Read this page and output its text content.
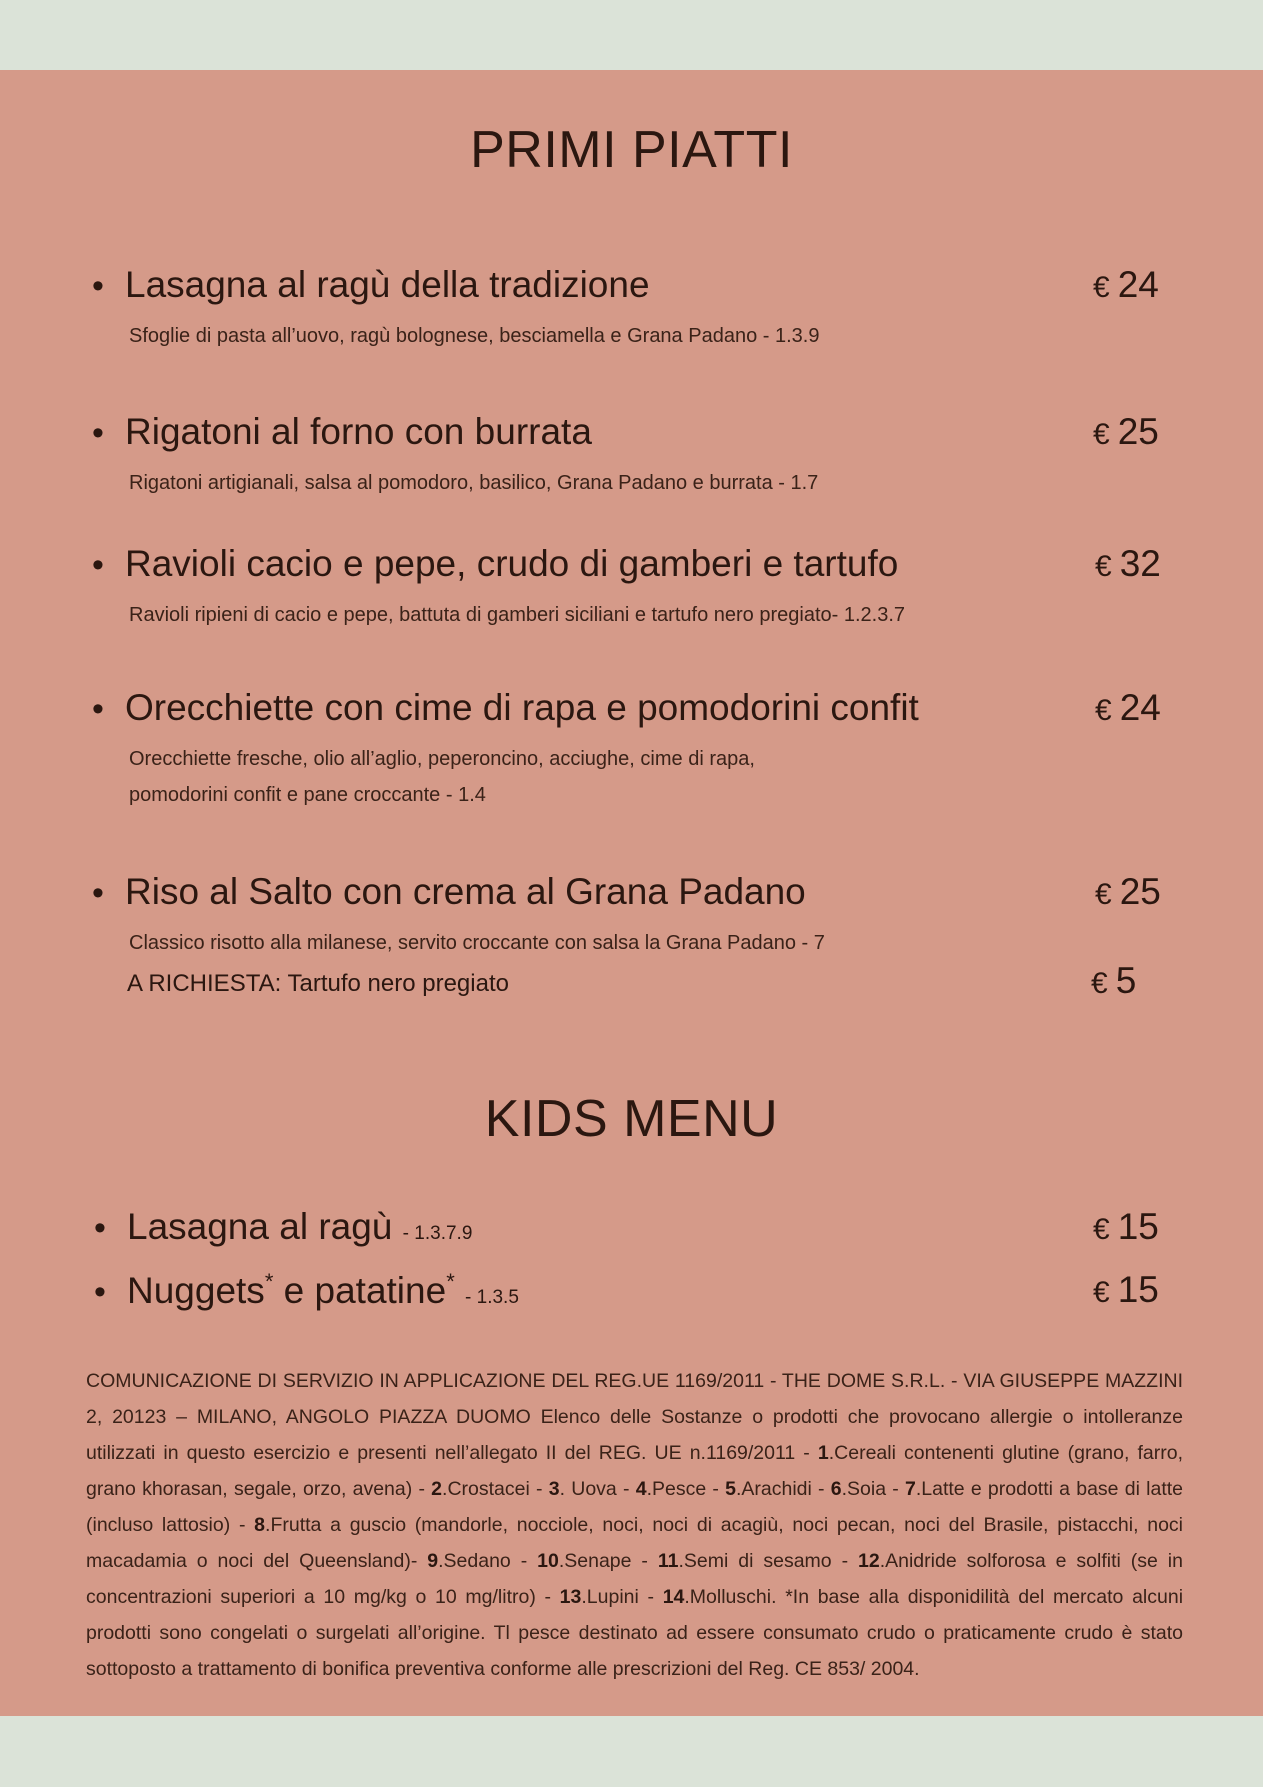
PRIMI PIATTI
• Lasagna al ragù della tradizione
Sfoglie di pasta all’uovo, ragù bolognese, besciamella e Grana Padano - 1.3.9
€ 24
• Rigatoni al forno con burrata
Rigatoni artigianali, salsa al pomodoro, basilico, Grana Padano e burrata - 1.7
€ 25
• Ravioli cacio e pepe, crudo di gamberi e tartufo
Ravioli ripieni di cacio e pepe, battuta di gamberi siciliani e tartufo nero pregiato- 1.2.3.7
€ 32
• Orecchiette con cime di rapa e pomodorini confit
Orecchiette fresche, olio all’aglio, peperoncino, acciughe, cime di rapa,
pomodorini confit e pane croccante - 1.4
€ 24
• Riso al Salto con crema al Grana Padano
Classico risotto alla milanese, servito croccante con salsa la Grana Padano - 7
€ 25
A RICHIESTA: Tartufo nero pregiato	€ 5
KIDS MENU
• Lasagna al ragù - 1.3.7.9	€ 15
• Nuggets* e patatine* - 1.3.5	€ 15
COMUNICAZIONE DI SERVIZIO IN APPLICAZIONE DEL REG.UE 1169/2011 - THE DOME S.R.L. - VIA GIUSEPPE MAZZINI 2, 20123 – MILANO, ANGOLO PIAZZA DUOMO Elenco delle Sostanze o prodotti che provocano allergie o intolleranze utilizzati in questo esercizio e presenti nell’allegato II del REG. UE n.1169/2011 - 1.Cereali contenenti glutine (grano, farro, grano khorasan, segale, orzo, avena) - 2.Crostacei - 3. Uova - 4.Pesce - 5.Arachidi - 6.Soia - 7.Latte e prodotti a base di latte (incluso lattosio) - 8.Frutta a guscio (mandorle, nocciole, noci, noci di acagiù, noci pecan, noci del Brasile, pistacchi, noci macadamia o noci del Queensland)- 9.Sedano - 10.Senape - 11.Semi di sesamo - 12.Anidride solforosa e solfiti (se in concentrazioni superiori a 10 mg/kg o 10 mg/litro) - 13.Lupini - 14.Molluschi. *In base alla disponidilità del mercato alcuni prodotti sono congelati o surgelati all’origine. Tl pesce destinato ad essere consumato crudo o praticamente crudo è stato sottoposto a trattamento di bonifica preventiva conforme alle prescrizioni del Reg. CE 853/ 2004.
